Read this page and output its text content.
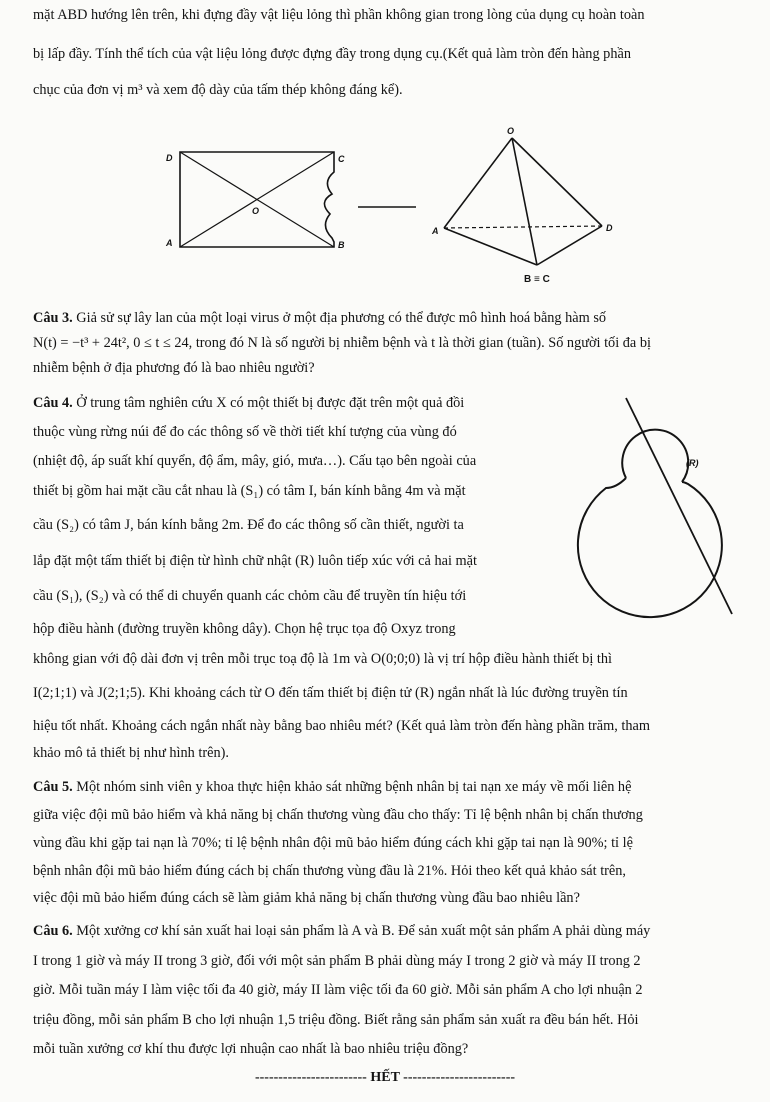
mặt ABD hướng lên trên, khi đựng đầy vật liệu lỏng thì phần không gian trong lòng của dụng cụ hoàn toàn
bị lấp đầy. Tính thể tích của vật liệu lỏng được đựng đầy trong dụng cụ.(Kết quả làm tròn đến hàng phần
chục của đơn vị m³ và xem độ dày của tấm thép không đáng kể).
D	C
A	B
O
O
A	D
B ≡ C
Câu 3. Giả sử sự lây lan của một loại virus ở một địa phương có thể được mô hình hoá bằng hàm số
N(t) = −t³ + 24t², 0 ≤ t ≤ 24, trong đó N là số người bị nhiễm bệnh và t là thời gian (tuần). Số người tối đa bị
nhiễm bệnh ở địa phương đó là bao nhiêu người?
Câu 4. Ở trung tâm nghiên cứu X có một thiết bị được đặt trên một quả đồi
thuộc vùng rừng núi để đo các thông số về thời tiết khí tượng của vùng đó
(nhiệt độ, áp suất khí quyển, độ ẩm, mây, gió, mưa…). Cấu tạo bên ngoài của
thiết bị gồm hai mặt cầu cắt nhau là (S₁) có tâm I, bán kính bằng 4m và mặt
cầu (S₂) có tâm J, bán kính bằng 2m. Để đo các thông số cần thiết, người ta
lắp đặt một tấm thiết bị điện từ hình chữ nhật (R) luôn tiếp xúc với cả hai mặt
cầu (S₁), (S₂) và có thể di chuyển quanh các chỏm cầu để truyền tín hiệu tới
hộp điều hành (đường truyền không dây). Chọn hệ trục tọa độ Oxyz trong
không gian với độ dài đơn vị trên mỗi trục toạ độ là 1m và O(0;0;0) là vị trí hộp điều hành thiết bị thì
I(2;1;1) và J(2;1;5). Khi khoảng cách từ O đến tấm thiết bị điện tử (R) ngắn nhất là lúc đường truyền tín
hiệu tốt nhất. Khoảng cách ngắn nhất này bằng bao nhiêu mét? (Kết quả làm tròn đến hàng phần trăm, tham
khảo mô tả thiết bị như hình trên).
(R)
Câu 5. Một nhóm sinh viên y khoa thực hiện khảo sát những bệnh nhân bị tai nạn xe máy về mối liên hệ
giữa việc đội mũ bảo hiểm và khả năng bị chấn thương vùng đầu cho thấy: Tỉ lệ bệnh nhân bị chấn thương
vùng đầu khi gặp tai nạn là 70%; tỉ lệ bệnh nhân đội mũ bảo hiểm đúng cách khi gặp tai nạn là 90%; tỉ lệ
bệnh nhân đội mũ bảo hiểm đúng cách bị chấn thương vùng đầu là 21%. Hỏi theo kết quả khảo sát trên,
việc đội mũ bảo hiểm đúng cách sẽ làm giảm khả năng bị chấn thương vùng đầu bao nhiêu lần?
Câu 6. Một xưởng cơ khí sản xuất hai loại sản phẩm là A và B. Để sản xuất một sản phẩm A phải dùng máy
I trong 1 giờ và máy II trong 3 giờ, đối với một sản phẩm B phải dùng máy I trong 2 giờ và máy II trong 2
giờ. Mỗi tuần máy I làm việc tối đa 40 giờ, máy II làm việc tối đa 60 giờ. Mỗi sản phẩm A cho lợi nhuận 2
triệu đồng, mỗi sản phẩm B cho lợi nhuận 1,5 triệu đồng. Biết rằng sản phẩm sản xuất ra đều bán hết. Hỏi
mỗi tuần xưởng cơ khí thu được lợi nhuận cao nhất là bao nhiêu triệu đồng?
------------------------ HẾT ------------------------
